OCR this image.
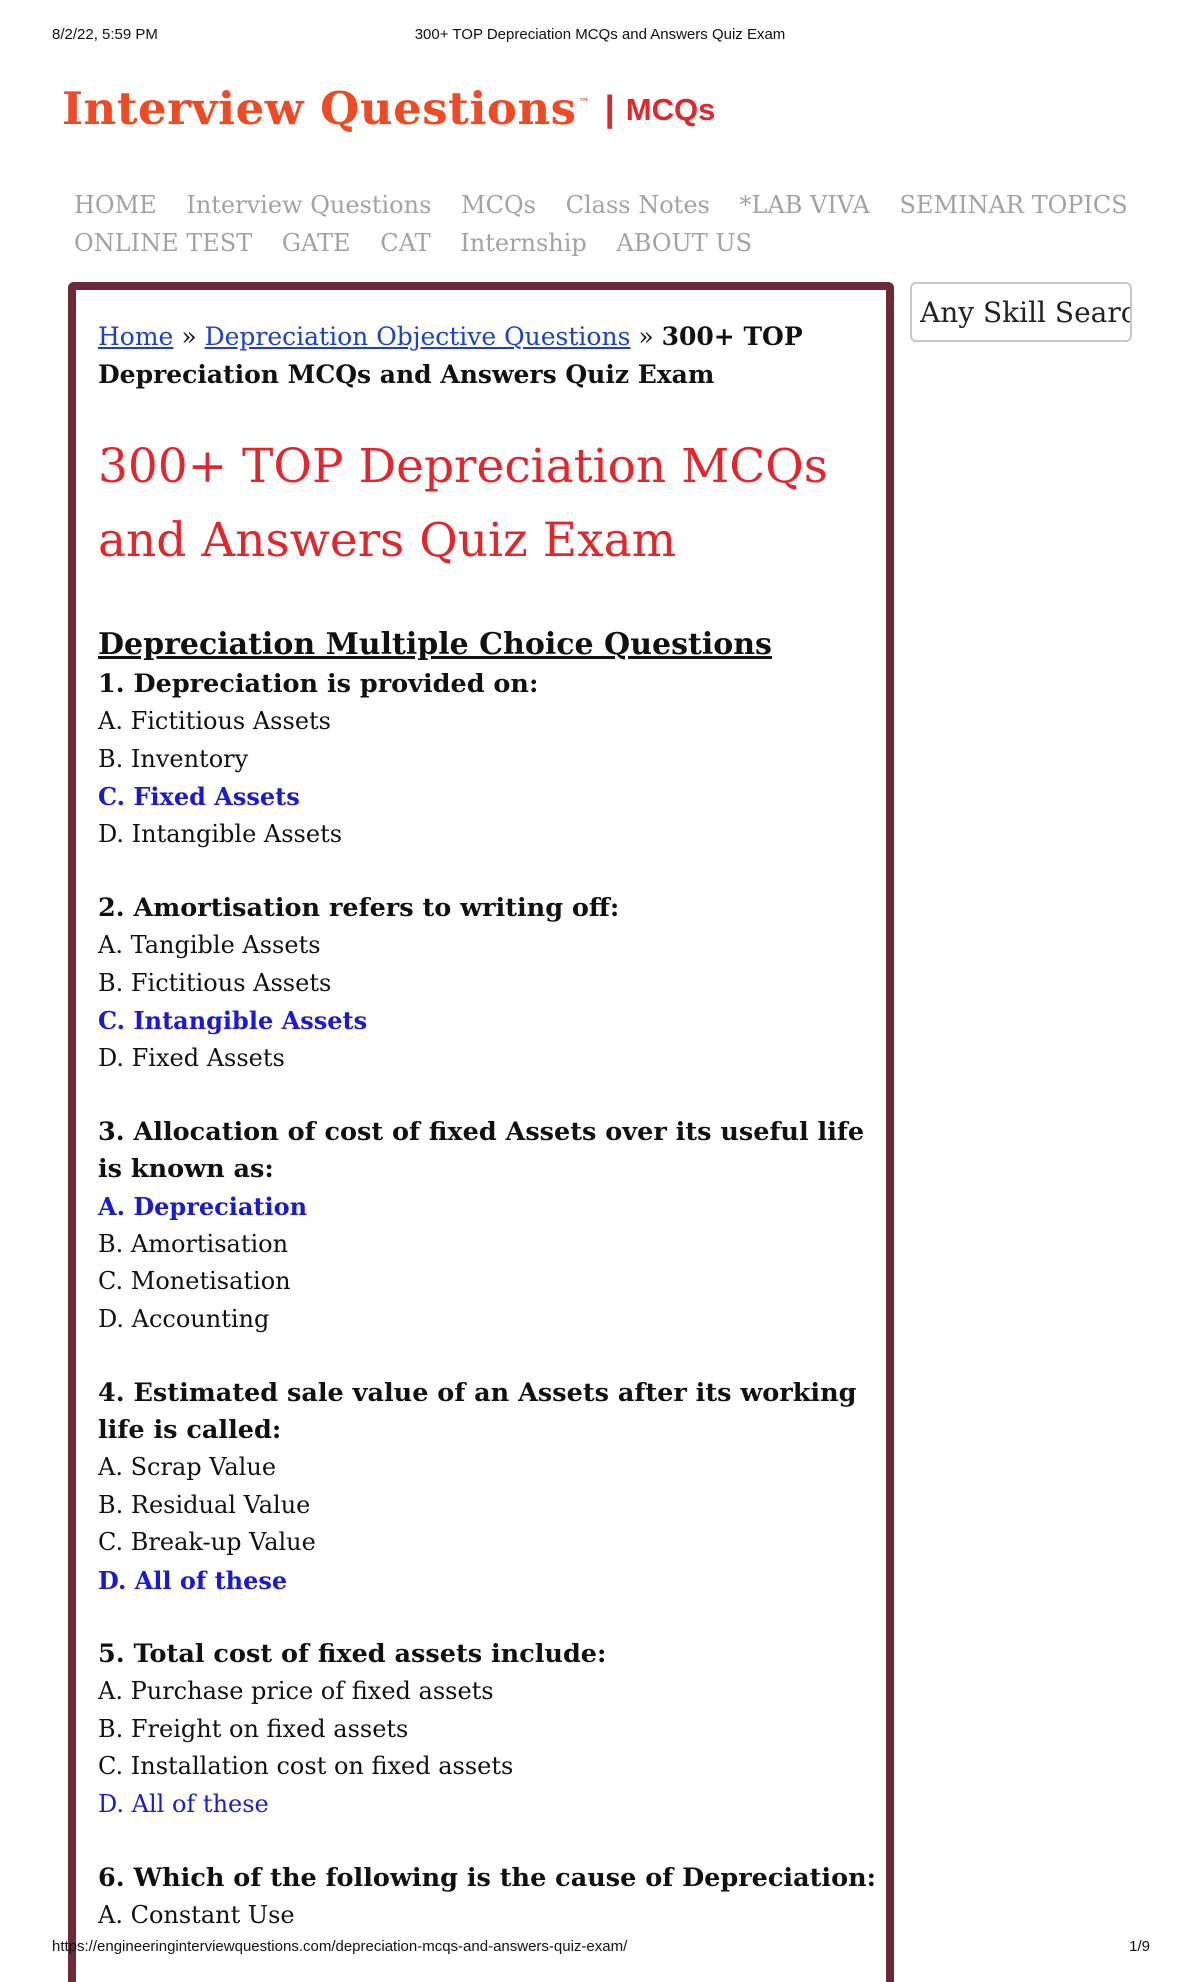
8/2/22, 5:59 PM	300+ TOP Depreciation MCQs and Answers Quiz Exam
Interview Questions ™ | MCQs
HOME Interview Questions MCQs Class Notes *LAB VIVA SEMINAR TOPICS
ONLINE TEST GATE CAT Internship ABOUT US
Home » Depreciation Objective Questions » 300+ TOP Depreciation MCQs and Answers Quiz Exam
300+ TOP Depreciation MCQs and Answers Quiz Exam
Depreciation Multiple Choice Questions
1. Depreciation is provided on:
A. Fictitious Assets
B. Inventory
C. Fixed Assets
D. Intangible Assets
2. Amortisation refers to writing off:
A. Tangible Assets
B. Fictitious Assets
C. Intangible Assets
D. Fixed Assets
3. Allocation of cost of fixed Assets over its useful life is known as:
A. Depreciation
B. Amortisation
C. Monetisation
D. Accounting
4. Estimated sale value of an Assets after its working life is called:
A. Scrap Value
B. Residual Value
C. Break-up Value
D. All of these
5. Total cost of fixed assets include:
A. Purchase price of fixed assets
B. Freight on fixed assets
C. Installation cost on fixed assets
D. All of these
6. Which of the following is the cause of Depreciation:
A. Constant Use
Any Skill Search
https://engineeringinterviewquestions.com/depreciation-mcqs-and-answers-quiz-exam/	1/9
